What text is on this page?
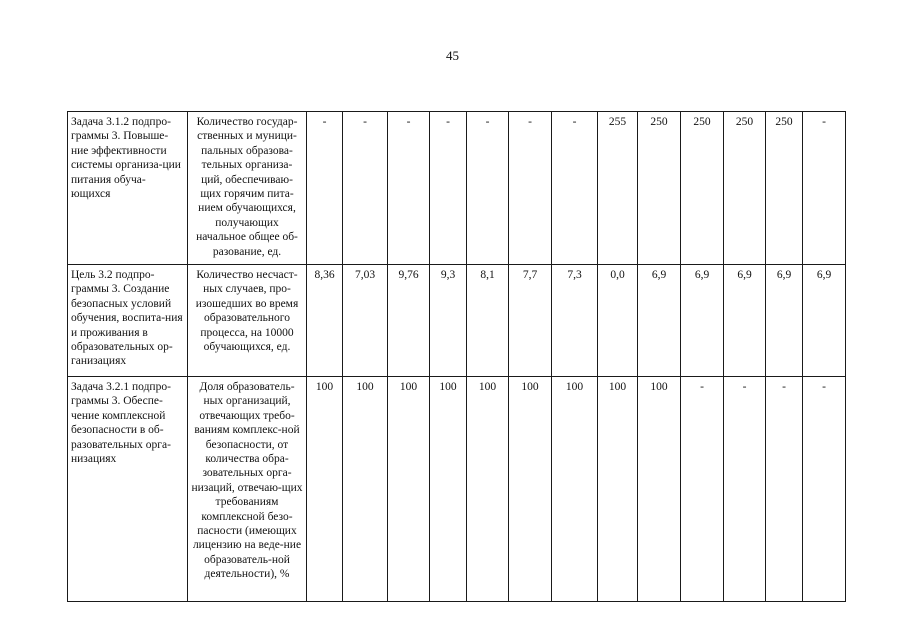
45
Задача 3.1.2 подпро-граммы 3. Повыше-ние эффективности системы организа-ции питания обуча-ющихся	Количество государ-ственных и муници-пальных образова-тельных организа-ций, обеспечиваю-щих горячим пита-нием обучающихся, получающих начальное общее об-разование, ед.	-	-	-	-	-	-	-	255	250	250	250	250	-
Цель 3.2 подпро-граммы 3. Создание безопасных условий обучения, воспита-ния и проживания в образовательных ор-ганизациях	Количество несчаст-ных случаев, про-изошедших во время образовательного процесса, на 10000 обучающихся, ед.	8,36	7,03	9,76	9,3	8,1	7,7	7,3	0,0	6,9	6,9	6,9	6,9	6,9
Задача 3.2.1 подпро-граммы 3. Обеспе-чение комплексной безопасности в об-разовательных орга-низациях	Доля образователь-ных организаций, отвечающих требо-ваниям комплекс-ной безопасности, от количества обра-зовательных орга-низаций, отвечаю-щих требованиям комплексной безо-пасности (имеющих лицензию на веде-ние образователь-ной деятельности), %	100	100	100	100	100	100	100	100	100	-	-	-	-
